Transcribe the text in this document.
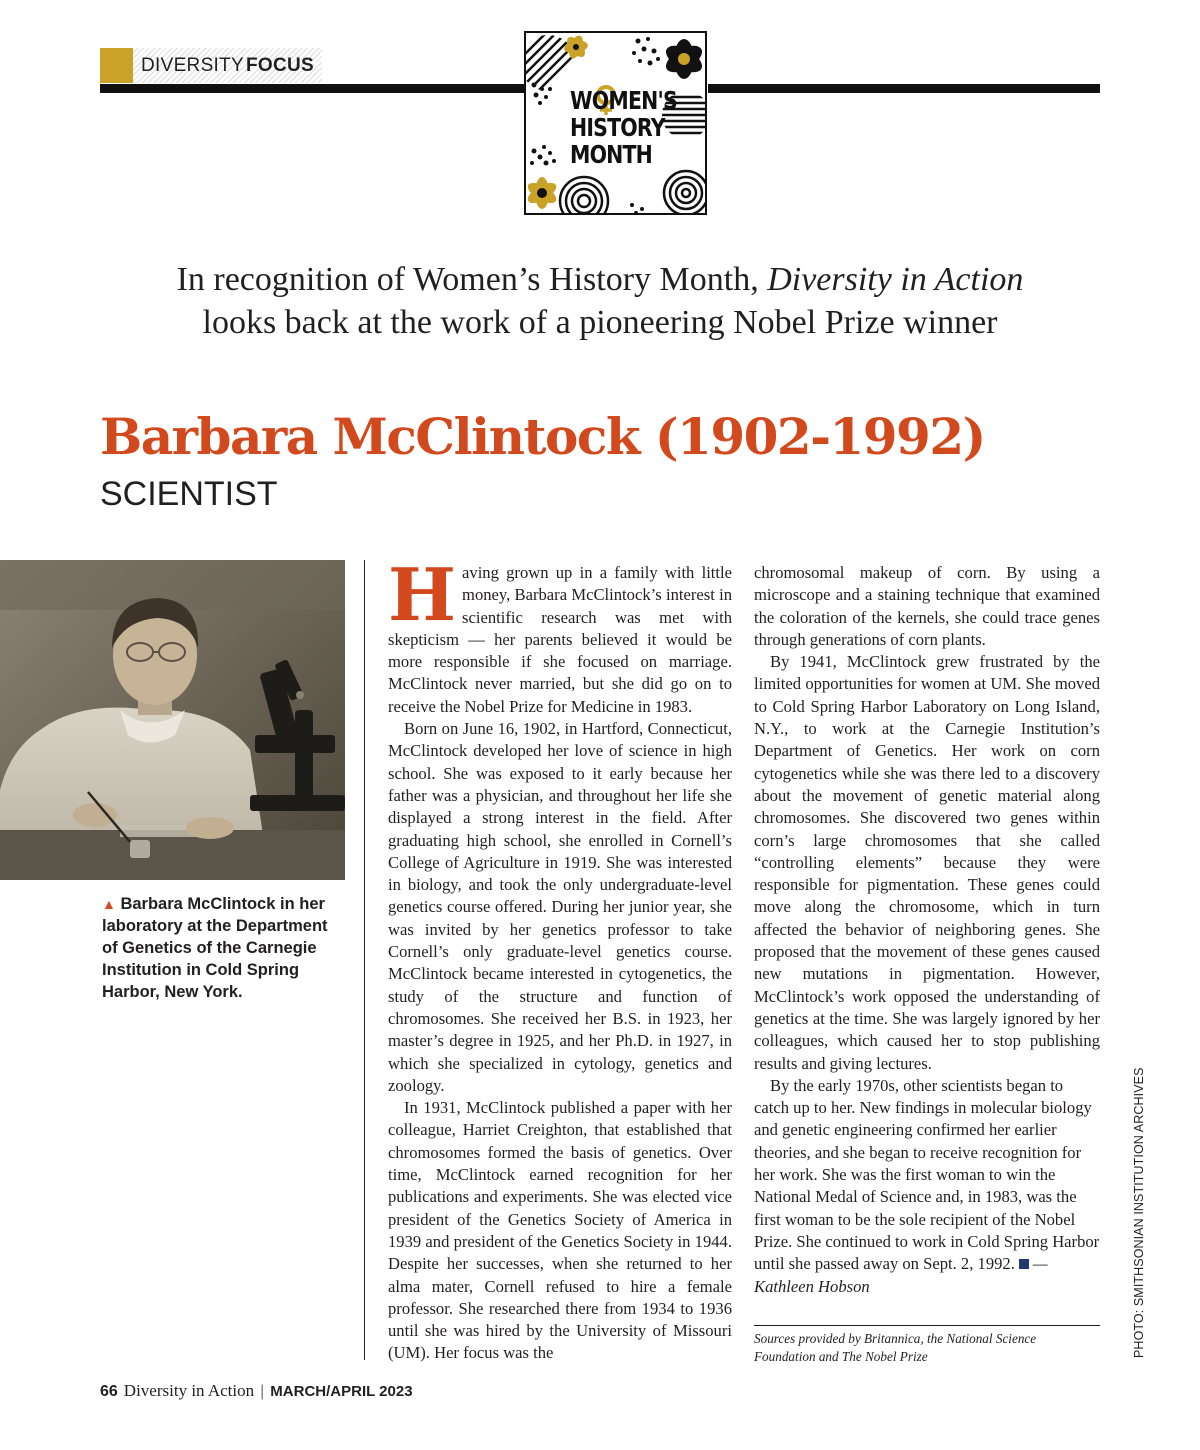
DIVERSITY FOCUS
WOMEN'S
HISTORY
MONTH

In recognition of Women’s History Month, Diversity in Action

looks back at the work of a pioneering Nobel Prize winner

Barbara McClintock (1902-1992)
SCIENTIST
▲ Barbara McClintock in her laboratory at the Department of Genetics of the Carnegie Institution in Cold Spring Harbor, New York.
PHOTO: SMITHSONIAN INSTITUTION ARCHIVES

Having grown up in a family with little money, Barbara McClintock’s interest in scientific research was met with skepticism — her parents believed it would be more responsible if she focused on marriage. McClintock never married, but she did go on to receive the Nobel Prize for Medicine in 1983.

Born on June 16, 1902, in Hartford, Connecticut, McClintock developed her love of science in high school. She was exposed to it early because her father was a physician, and throughout her life she displayed a strong interest in the field. After graduating high school, she enrolled in Cornell’s College of Agriculture in 1919. She was interested in biology, and took the only undergraduate-level genetics course offered. During her junior year, she was invited by her genetics professor to take Cornell’s only graduate-level genetics course. McClintock became interested in cytogenetics, the study of the structure and function of chromosomes. She received her B.S. in 1923, her master’s degree in 1925, and her Ph.D. in 1927, in which she specialized in cytology, genetics and zoology.

In 1931, McClintock published a paper with her colleague, Harriet Creighton, that established that chromosomes formed the basis of genetics. Over time, McClintock earned recognition for her publications and experiments. She was elected vice president of the Genetics Society of America in 1939 and president of the Genetics Society in 1944. Despite her successes, when she returned to her alma mater, Cornell refused to hire a female professor. She researched there from 1934 to 1936 until she was hired by the University of Missouri (UM). Her focus was the

chromosomal makeup of corn. By using a microscope and a staining technique that examined the coloration of the kernels, she could trace genes through generations of corn plants.

By 1941, McClintock grew frustrated by the limited opportunities for women at UM. She moved to Cold Spring Harbor Laboratory on Long Island, N.Y., to work at the Carnegie Institution’s Department of Genetics. Her work on corn cytogenetics while she was there led to a discovery about the movement of genetic material along chromosomes. She discovered two genes within corn’s large chromosomes that she called “controlling elements” because they were responsible for pigmentation. These genes could move along the chromosome, which in turn affected the behavior of neighboring genes. She proposed that the movement of these genes caused new mutations in pigmentation. However, McClintock’s work opposed the understanding of genetics at the time. She was largely ignored by her colleagues, which caused her to stop publishing results and giving lectures.

By the early 1970s, other scientists began to catch up to her. New findings in molecular biology and genetic engineering confirmed her earlier theories, and she began to receive recognition for her work. She was the first woman to win the National Medal of Science and, in 1983, was the first woman to be the sole recipient of the Nobel Prize. She continued to work in Cold Spring Harbor until she passed away on Sept. 2, 1992. — Kathleen Hobson

Sources provided by Britannica, the National Science Foundation and The Nobel Prize
66 Diversity in Action | MARCH/APRIL 2023
